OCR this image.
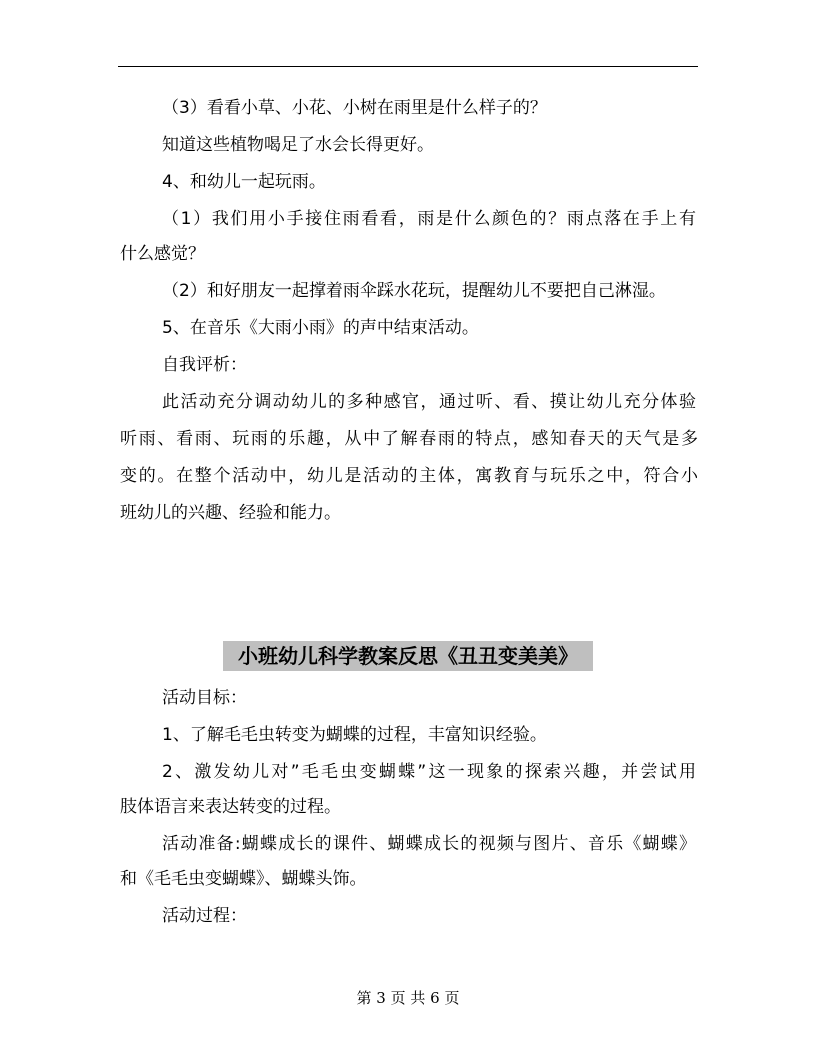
（3）看看小草、小花、小树在雨里是什么样子的？
知道这些植物喝足了水会长得更好。
4、和幼儿一起玩雨。
（1）我们用小手接住雨看看，雨是什么颜色的？雨点落在手上有
什么感觉？
（2）和好朋友一起撑着雨伞踩水花玩，提醒幼儿不要把自己淋湿。
5、在音乐《大雨小雨》的声中结束活动。
自我评析：
此活动充分调动幼儿的多种感官，通过听、看、摸让幼儿充分体验
听雨、看雨、玩雨的乐趣，从中了解春雨的特点，感知春天的天气是多
变的。在整个活动中，幼儿是活动的主体，寓教育与玩乐之中，符合小
班幼儿的兴趣、经验和能力。
小班幼儿科学教案反思《丑丑变美美》
活动目标：
1、了解毛毛虫转变为蝴蝶的过程，丰富知识经验。
2、激发幼儿对”毛毛虫变蝴蝶”这一现象的探索兴趣，并尝试用
肢体语言来表达转变的过程。
活动准备:蝴蝶成长的课件、蝴蝶成长的视频与图片、音乐《蝴蝶》
和《毛毛虫变蝴蝶》、蝴蝶头饰。
活动过程：
第 3 页 共 6 页
